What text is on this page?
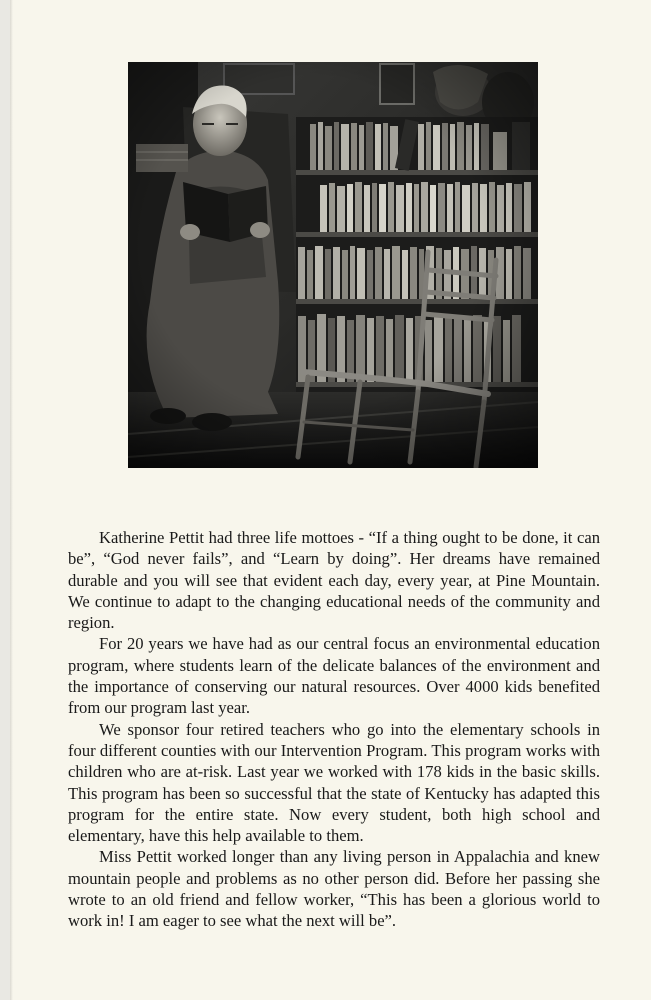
Katherine Pettit had three life mottoes - “If a thing ought to be done, it can be”, “God never fails”, and “Learn by doing”. Her dreams have remained durable and you will see that evident each day, every year, at Pine Mountain. We continue to adapt to the changing educational needs of the community and region.

For 20 years we have had as our central focus an environmental education program, where students learn of the delicate balances of the environment and the importance of conserving our natural resources. Over 4000 kids benefited from our program last year.

We sponsor four retired teachers who go into the elementary schools in four different counties with our Intervention Program. This program works with children who are at-risk. Last year we worked with 178 kids in the basic skills. This program has been so successful that the state of Kentucky has adapted this program for the entire state. Now every student, both high school and elementary, have this help available to them.

Miss Pettit worked longer than any living person in Appalachia and knew mountain people and problems as no other person did. Before her passing she wrote to an old friend and fellow worker, “This has been a glorious world to work in! I am eager to see what the next will be”.
